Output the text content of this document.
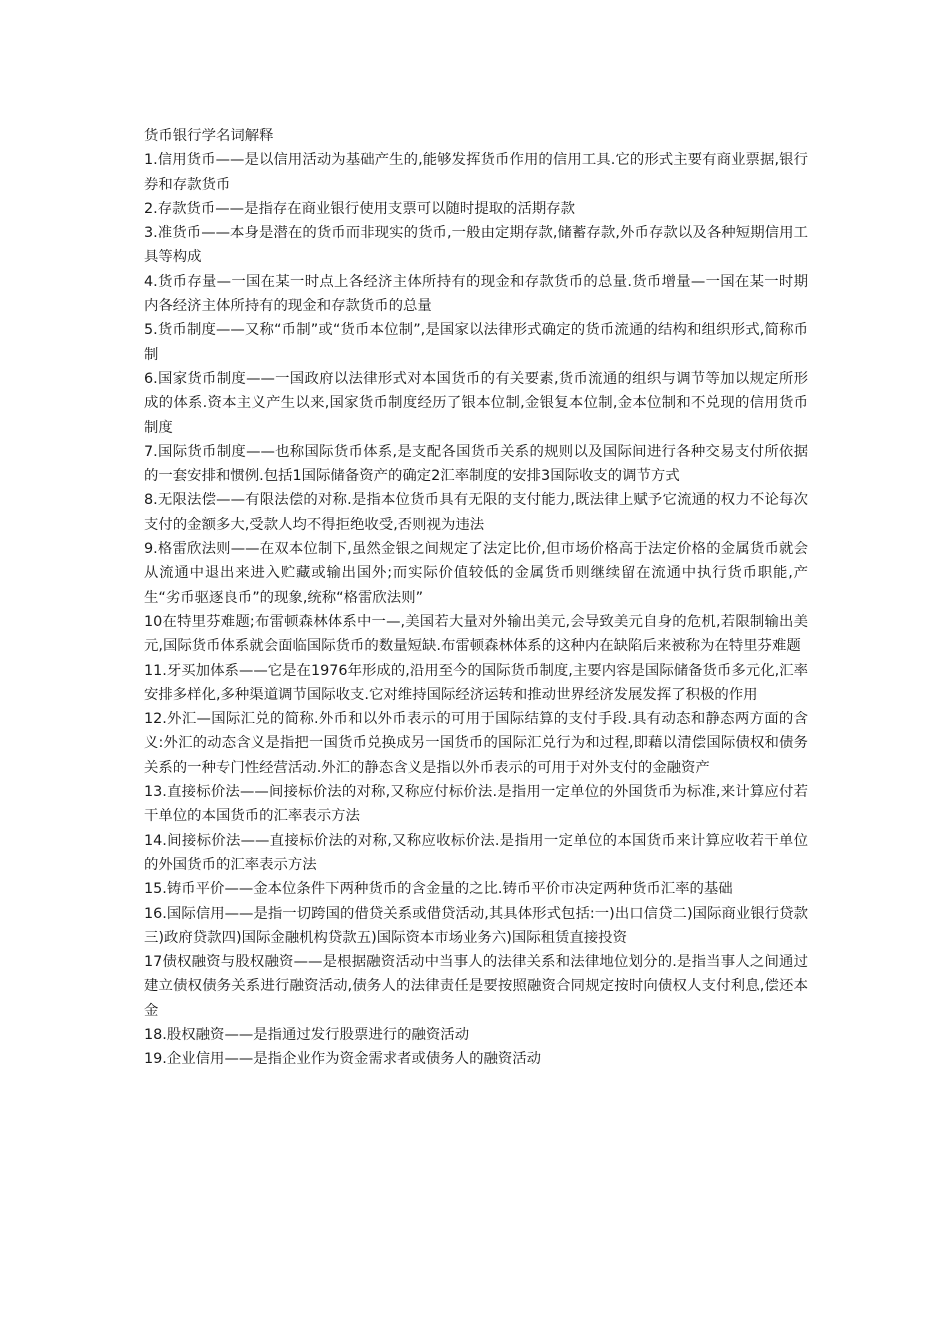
货币银行学名词解释

1.信用货币——是以信用活动为基础产生的,能够发挥货币作用的信用工具.它的形式主要有商业票据,银行券和存款货币

2.存款货币——是指存在商业银行使用支票可以随时提取的活期存款

3.准货币——本身是潜在的货币而非现实的货币,一般由定期存款,储蓄存款,外币存款以及各种短期信用工具等构成

4.货币存量—一国在某一时点上各经济主体所持有的现金和存款货币的总量.货币增量—一国在某一时期内各经济主体所持有的现金和存款货币的总量

5.货币制度——又称“币制”或“货币本位制”,是国家以法律形式确定的货币流通的结构和组织形式,简称币制

6.国家货币制度——一国政府以法律形式对本国货币的有关要素,货币流通的组织与调节等加以规定所形成的体系.资本主义产生以来,国家货币制度经历了银本位制,金银复本位制,金本位制和不兑现的信用货币制度

7.国际货币制度——也称国际货币体系,是支配各国货币关系的规则以及国际间进行各种交易支付所依据的一套安排和惯例.包括1国际储备资产的确定2汇率制度的安排3国际收支的调节方式

8.无限法偿——有限法偿的对称.是指本位货币具有无限的支付能力,既法律上赋予它流通的权力不论每次支付的金额多大,受款人均不得拒绝收受,否则视为违法

9.格雷欣法则——在双本位制下,虽然金银之间规定了法定比价,但市场价格高于法定价格的金属货币就会从流通中退出来进入贮藏或输出国外;而实际价值较低的金属货币则继续留在流通中执行货币职能,产生“劣币驱逐良币”的现象,统称“格雷欣法则”

10在特里芬难题;布雷顿森林体系中一—,美国若大量对外输出美元,会导致美元自身的危机,若限制输出美元,国际货币体系就会面临国际货币的数量短缺.布雷顿森林体系的这种内在缺陷后来被称为在特里芬难题

11.牙买加体系——它是在1976年形成的,沿用至今的国际货币制度,主要内容是国际储备货币多元化,汇率安排多样化,多种渠道调节国际收支.它对维持国际经济运转和推动世界经济发展发挥了积极的作用

12.外汇—国际汇兑的简称.外币和以外币表示的可用于国际结算的支付手段.具有动态和静态两方面的含义:外汇的动态含义是指把一国货币兑换成另一国货币的国际汇兑行为和过程,即藉以清偿国际债权和债务关系的一种专门性经营活动.外汇的静态含义是指以外币表示的可用于对外支付的金融资产

13.直接标价法——间接标价法的对称,又称应付标价法.是指用一定单位的外国货币为标准,来计算应付若干单位的本国货币的汇率表示方法

14.间接标价法——直接标价法的对称,又称应收标价法.是指用一定单位的本国货币来计算应收若干单位的外国货币的汇率表示方法

15.铸币平价——金本位条件下两种货币的含金量的之比.铸币平价市决定两种货币汇率的基础

16.国际信用——是指一切跨国的借贷关系或借贷活动,其具体形式包括:一)出口信贷二)国际商业银行贷款三)政府贷款四)国际金融机构贷款五)国际资本市场业务六)国际租赁直接投资

17债权融资与股权融资——是根据融资活动中当事人的法律关系和法律地位划分的.是指当事人之间通过建立债权债务关系进行融资活动,债务人的法律责任是要按照融资合同规定按时向债权人支付利息,偿还本金

18.股权融资——是指通过发行股票进行的融资活动

19.企业信用——是指企业作为资金需求者或债务人的融资活动
